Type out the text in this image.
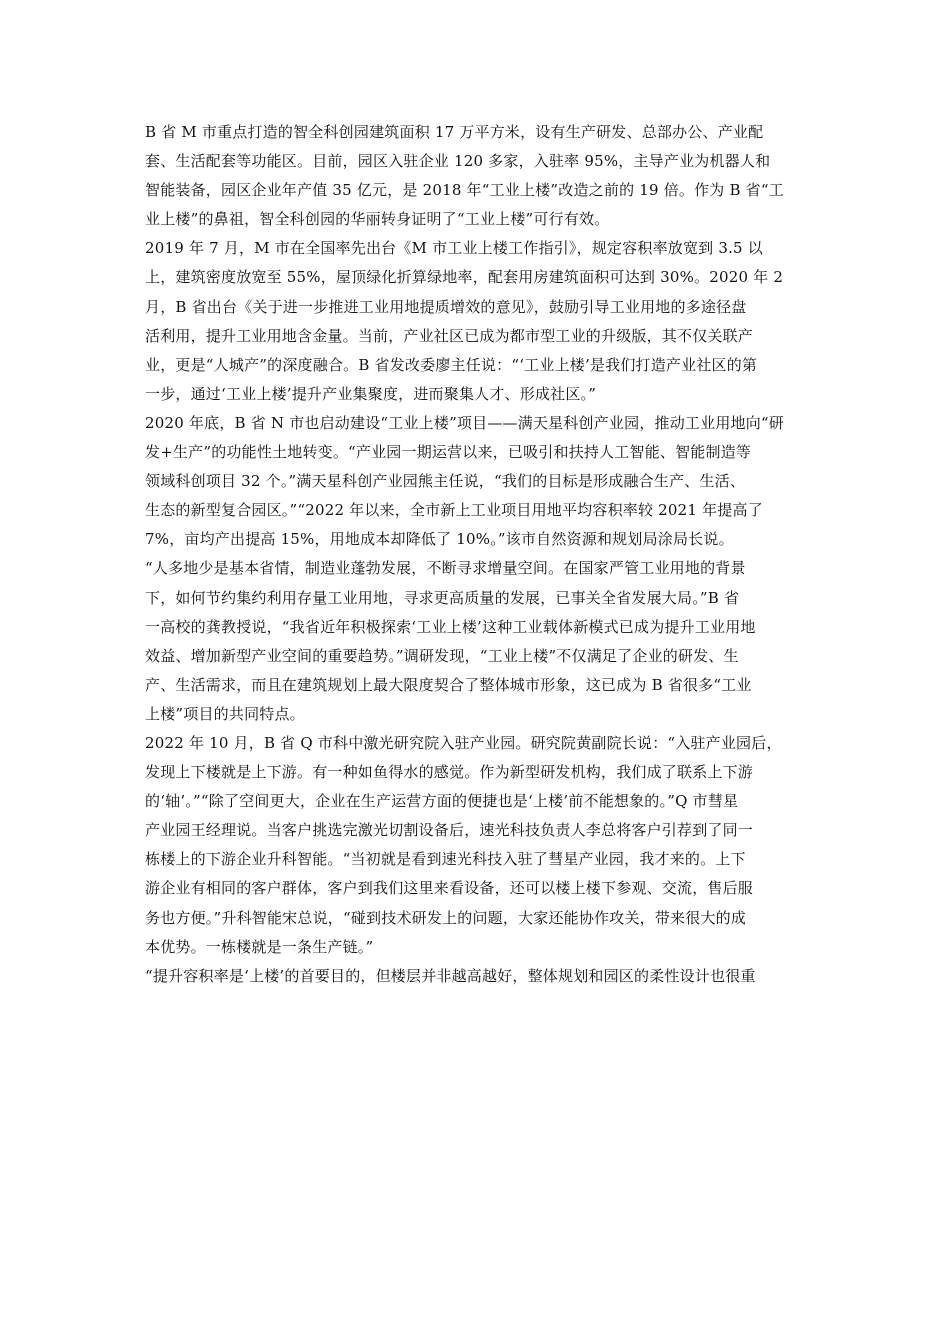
B 省 M 市重点打造的智全科创园建筑面积 17 万平方米，设有生产研发、总部办公、产业配
套、生活配套等功能区。目前，园区入驻企业 120 多家，入驻率 95%，主导产业为机器人和
智能装备，园区企业年产值 35 亿元，是 2018 年“工业上楼”改造之前的 19 倍。作为 B 省“工
业上楼”的鼻祖，智全科创园的华丽转身证明了“工业上楼”可行有效。
2019 年 7 月，M 市在全国率先出台《M 市工业上楼工作指引》，规定容积率放宽到 3.5 以
上，建筑密度放宽至 55%，屋顶绿化折算绿地率，配套用房建筑面积可达到 30%。2020 年 2
月，B 省出台《关于进一步推进工业用地提质增效的意见》，鼓励引导工业用地的多途径盘
活利用，提升工业用地含金量。当前，产业社区已成为都市型工业的升级版，其不仅关联产
业，更是“人城产”的深度融合。B 省发改委廖主任说：“‘工业上楼’是我们打造产业社区的第
一步，通过‘工业上楼’提升产业集聚度，进而聚集人才、形成社区。”
2020 年底，B 省 N 市也启动建设“工业上楼”项目——满天星科创产业园，推动工业用地向“研
发+生产”的功能性土地转变。“产业园一期运营以来，已吸引和扶持人工智能、智能制造等
领域科创项目 32 个。”满天星科创产业园熊主任说，“我们的目标是形成融合生产、生活、
生态的新型复合园区。”“2022 年以来，全市新上工业项目用地平均容积率较 2021 年提高了
7%，亩均产出提高 15%，用地成本却降低了 10%。”该市自然资源和规划局涂局长说。
“人多地少是基本省情，制造业蓬勃发展，不断寻求增量空间。在国家严管工业用地的背景
下，如何节约集约利用存量工业用地，寻求更高质量的发展，已事关全省发展大局。”B 省
一高校的龚教授说，“我省近年积极探索‘工业上楼’这种工业载体新模式已成为提升工业用地
效益、增加新型产业空间的重要趋势。”调研发现，“工业上楼”不仅满足了企业的研发、生
产、生活需求，而且在建筑规划上最大限度契合了整体城市形象，这已成为 B 省很多“工业
上楼”项目的共同特点。
2022 年 10 月，B 省 Q 市科中激光研究院入驻产业园。研究院黄副院长说：“入驻产业园后，
发现上下楼就是上下游。有一种如鱼得水的感觉。作为新型研发机构，我们成了联系上下游
的‘轴’。”“除了空间更大，企业在生产运营方面的便捷也是‘上楼’前不能想象的。”Q 市彗星
产业园王经理说。当客户挑选完激光切割设备后，速光科技负责人李总将客户引荐到了同一
栋楼上的下游企业升科智能。“当初就是看到速光科技入驻了彗星产业园，我才来的。上下
游企业有相同的客户群体，客户到我们这里来看设备，还可以楼上楼下参观、交流，售后服
务也方便。”升科智能宋总说，“碰到技术研发上的问题，大家还能协作攻关，带来很大的成
本优势。一栋楼就是一条生产链。”
“提升容积率是‘上楼’的首要目的，但楼层并非越高越好，整体规划和园区的柔性设计也很重
